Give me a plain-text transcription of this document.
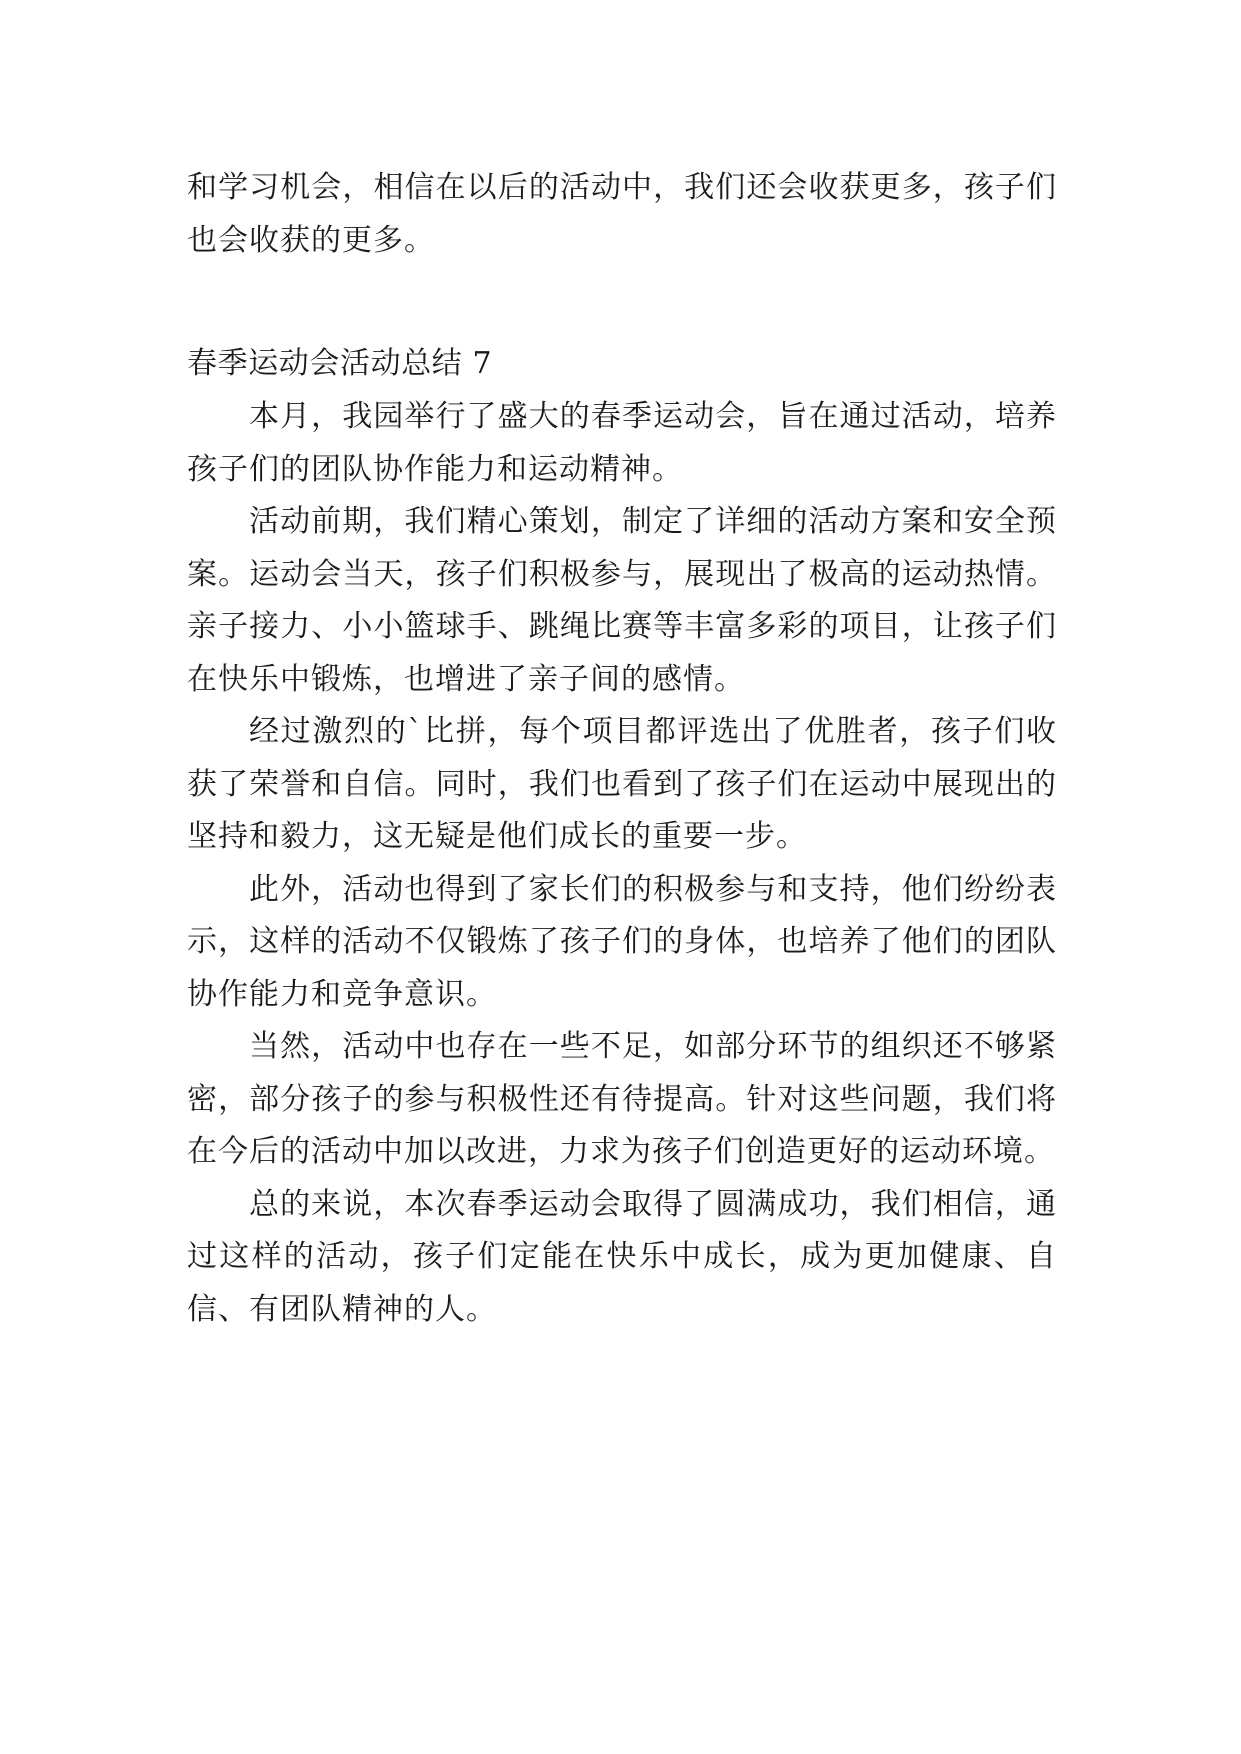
和学习机会，相信在以后的活动中，我们还会收获更多，孩子们也会收获的更多。

春季运动会活动总结 7

本月，我园举行了盛大的春季运动会，旨在通过活动，培养孩子们的团队协作能力和运动精神。

活动前期，我们精心策划，制定了详细的活动方案和安全预案。运动会当天，孩子们积极参与，展现出了极高的运动热情。亲子接力、小小篮球手、跳绳比赛等丰富多彩的项目，让孩子们在快乐中锻炼，也增进了亲子间的感情。

经过激烈的`比拼，每个项目都评选出了优胜者，孩子们收获了荣誉和自信。同时，我们也看到了孩子们在运动中展现出的坚持和毅力，这无疑是他们成长的重要一步。

此外，活动也得到了家长们的积极参与和支持，他们纷纷表示，这样的活动不仅锻炼了孩子们的身体，也培养了他们的团队协作能力和竞争意识。

当然，活动中也存在一些不足，如部分环节的组织还不够紧密，部分孩子的参与积极性还有待提高。针对这些问题，我们将在今后的活动中加以改进，力求为孩子们创造更好的运动环境。

总的来说，本次春季运动会取得了圆满成功，我们相信，通过这样的活动，孩子们定能在快乐中成长，成为更加健康、自信、有团队精神的人。
